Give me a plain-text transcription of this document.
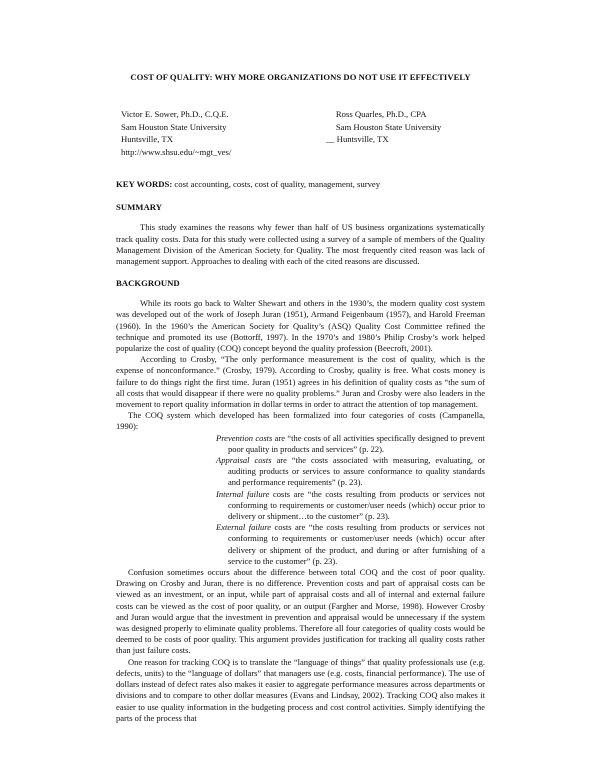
COST OF QUALITY: WHY MORE ORGANIZATIONS DO NOT USE IT EFFECTIVELY
Victor E. Sower, Ph.D., C.Q.E.
Sam Houston State University
Huntsville, TX
http://www.shsu.edu/~mgt_ves/
Ross Quarles, Ph.D., CPA
Sam Houston State University
__ Huntsville, TX
KEY WORDS: cost accounting, costs, cost of quality, management, survey
SUMMARY

This study examines the reasons why fewer than half of US business organizations systematically track quality costs. Data for this study were collected using a survey of a sample of members of the Quality Management Division of the American Society for Quality. The most frequently cited reason was lack of management support. Approaches to dealing with each of the cited reasons are discussed.

BACKGROUND

While its roots go back to Walter Shewart and others in the 1930’s, the modern quality cost system was developed out of the work of Joseph Juran (1951), Armand Feigenbaum (1957), and Harold Freeman (1960). In the 1960’s the American Society for Quality’s (ASQ) Quality Cost Committee refined the technique and promoted its use (Bottorff, 1997). In the 1970’s and 1980’s Philip Crosby’s work helped popularize the cost of quality (COQ) concept beyond the quality profession (Beecroft, 2001).

According to Crosby, “The only performance measurement is the cost of quality, which is the expense of nonconformance.” (Crosby, 1979). According to Crosby, quality is free. What costs money is failure to do things right the first time. Juran (1951) agrees in his definition of quality costs as “the sum of all costs that would disappear if there were no quality problems.” Juran and Crosby were also leaders in the movement to report quality information in dollar terms in order to attract the attention of top management.

The COQ system which developed has been formalized into four categories of costs (Campanella, 1990):

Prevention costs are “the costs of all activities specifically designed to prevent poor quality in products and services” (p. 22).

Appraisal costs are “the costs associated with measuring, evaluating, or auditing products or services to assure conformance to quality standards and performance requirements” (p. 23).

Internal failure costs are “the costs resulting from products or services not conforming to requirements or customer/user needs (which) occur prior to delivery or shipment…to the customer” (p. 23).

External failure costs are “the costs resulting from products or services not conforming to requirements or customer/user needs (which) occur after delivery or shipment of the product, and during or after furnishing of a service to the customer” (p. 23).

Confusion sometimes occurs about the difference between total COQ and the cost of poor quality. Drawing on Crosby and Juran, there is no difference. Prevention costs and part of appraisal costs can be viewed as an investment, or an input, while part of appraisal costs and all of internal and external failure costs can be viewed as the cost of poor quality, or an output (Fargher and Morse, 1998). However Crosby and Juran would argue that the investment in prevention and appraisal would be unnecessary if the system was designed properly to eliminate quality problems. Therefore all four categories of quality costs would be deemed to be costs of poor quality. This argument provides justification for tracking all quality costs rather than just failure costs.

One reason for tracking COQ is to translate the “language of things” that quality professionals use (e.g. defects, units) to the “language of dollars” that managers use (e.g. costs, financial performance). The use of dollars instead of defect rates also makes it easier to aggregate performance measures across departments or divisions and to compare to other dollar measures (Evans and Lindsay, 2002). Tracking COQ also makes it easier to use quality information in the budgeting process and cost control activities. Simply identifying the parts of the process that
